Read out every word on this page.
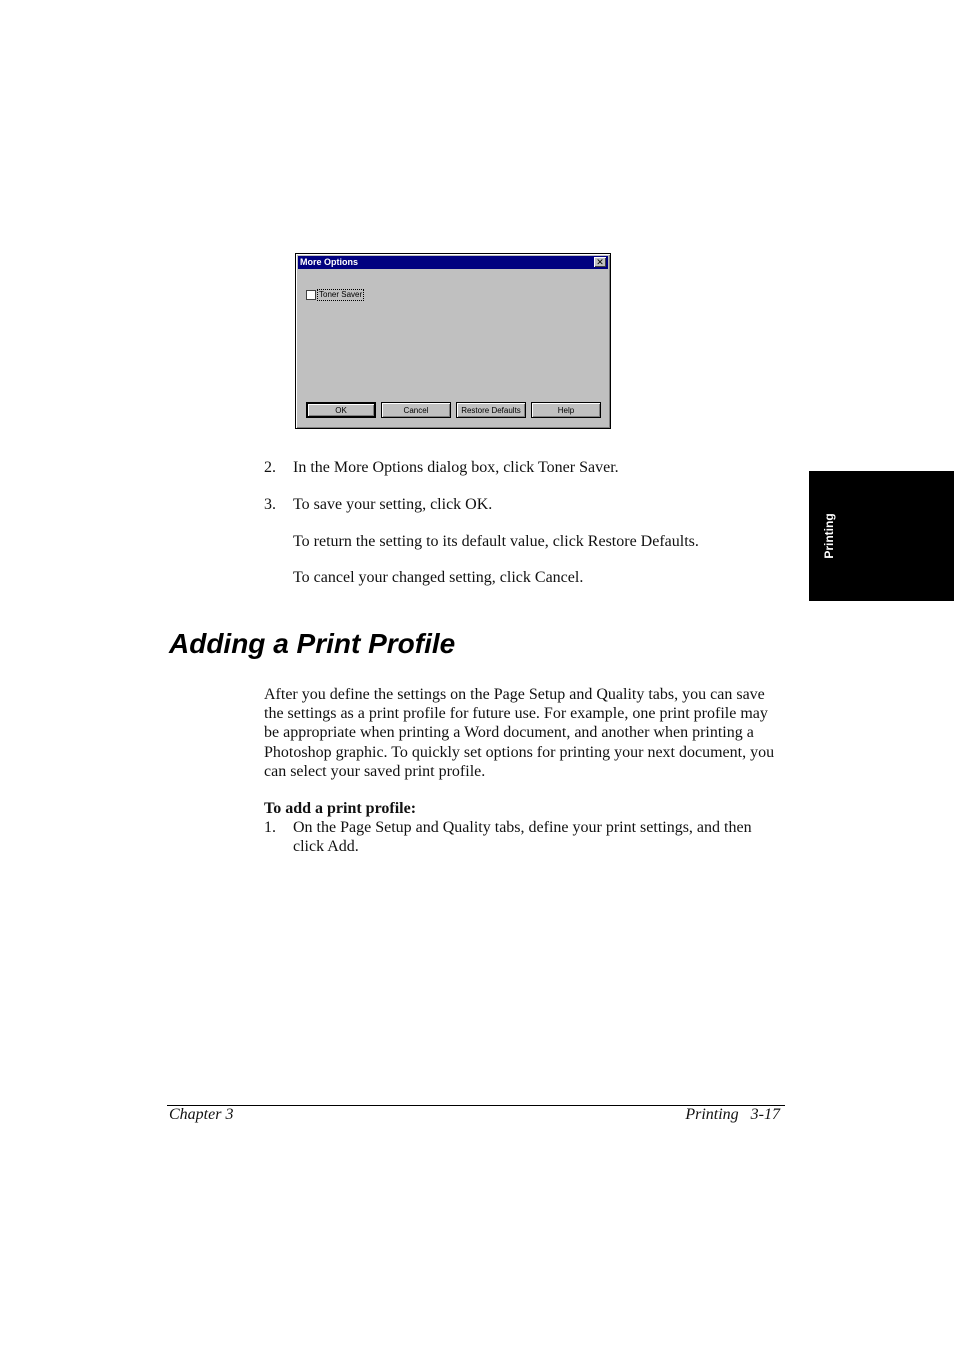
More Options	✕
Toner Saver
OK	Cancel	Restore Defaults	Help
Printing
2. In the More Options dialog box, click Toner Saver.
3. To save your setting, click OK.
To return the setting to its default value, click Restore Defaults.
To cancel your changed setting, click Cancel.
Adding a Print Profile

After you define the settings on the Page Setup and Quality tabs, you can save the settings as a print profile for future use. For example, one print profile may be appropriate when printing a Word document, and another when printing a Photoshop graphic. To quickly set options for printing your next document, you can select your saved print profile.

To add a print profile:
1. On the Page Setup and Quality tabs, define your print settings, and then click Add.
Chapter 3	Printing 3-17
